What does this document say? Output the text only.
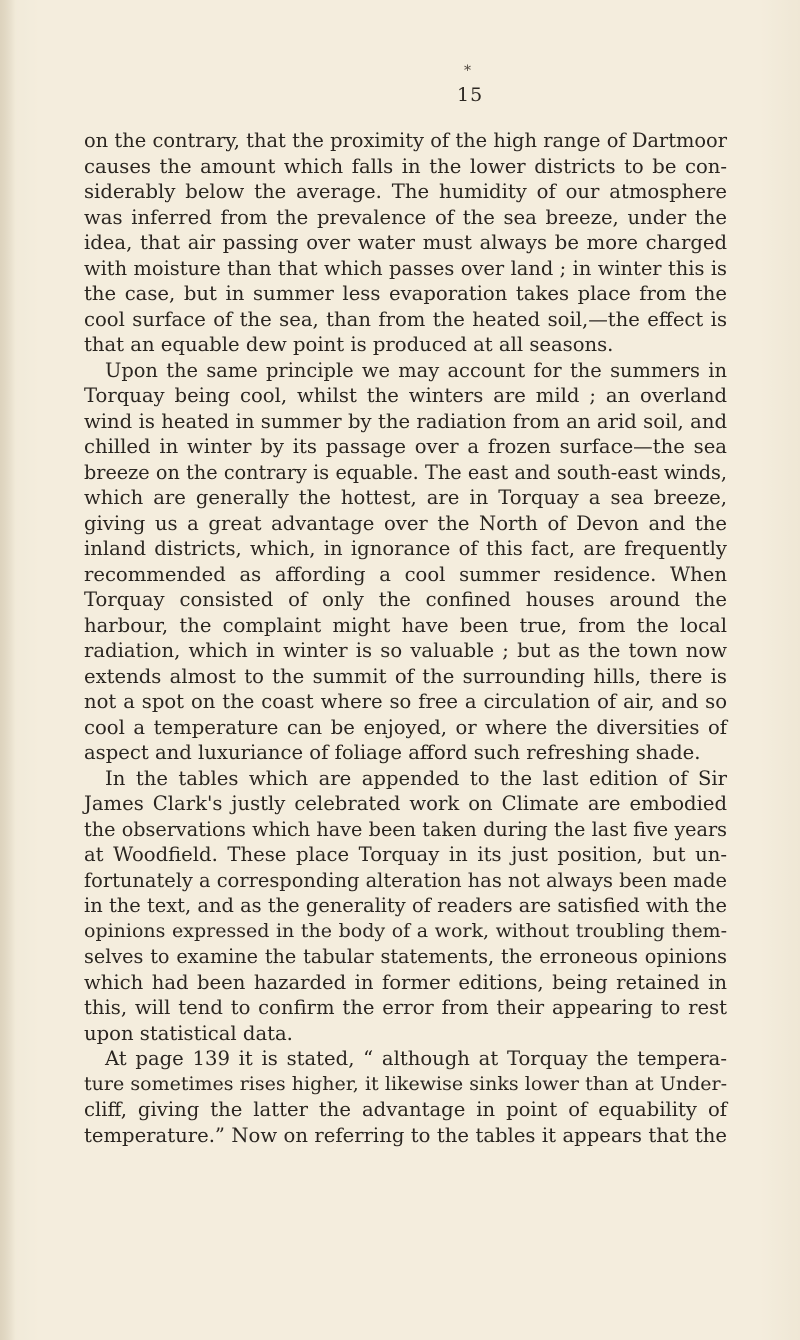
*
15
on the contrary, that the proximity of the high range of Dartmoor
causes the amount which falls in the lower districts to be con-
siderably below the average. The humidity of our atmosphere
was inferred from the prevalence of the sea breeze, under the
idea, that air passing over water must always be more charged
with moisture than that which passes over land ; in winter this is
the case, but in summer less evaporation takes place from the
cool surface of the sea, than from the heated soil,—the effect is
that an equable dew point is produced at all seasons.
Upon the same principle we may account for the summers in
Torquay being cool, whilst the winters are mild ; an overland
wind is heated in summer by the radiation from an arid soil, and
chilled in winter by its passage over a frozen surface—the sea
breeze on the contrary is equable. The east and south-east winds,
which are generally the hottest, are in Torquay a sea breeze,
giving us a great advantage over the North of Devon and the
inland districts, which, in ignorance of this fact, are frequently
recommended as affording a cool summer residence. When
Torquay consisted of only the confined houses around the
harbour, the complaint might have been true, from the local
radiation, which in winter is so valuable ; but as the town now
extends almost to the summit of the surrounding hills, there is
not a spot on the coast where so free a circulation of air, and so
cool a temperature can be enjoyed, or where the diversities of
aspect and luxuriance of foliage afford such refreshing shade.
In the tables which are appended to the last edition of Sir
James Clark's justly celebrated work on Climate are embodied
the observations which have been taken during the last five years
at Woodfield. These place Torquay in its just position, but un-
fortunately a corresponding alteration has not always been made
in the text, and as the generality of readers are satisfied with the
opinions expressed in the body of a work, without troubling them-
selves to examine the tabular statements, the erroneous opinions
which had been hazarded in former editions, being retained in
this, will tend to confirm the error from their appearing to rest
upon statistical data.
At page 139 it is stated, “ although at Torquay the tempera-
ture sometimes rises higher, it likewise sinks lower than at Under-
cliff, giving the latter the advantage in point of equability of
temperature.” Now on referring to the tables it appears that the
